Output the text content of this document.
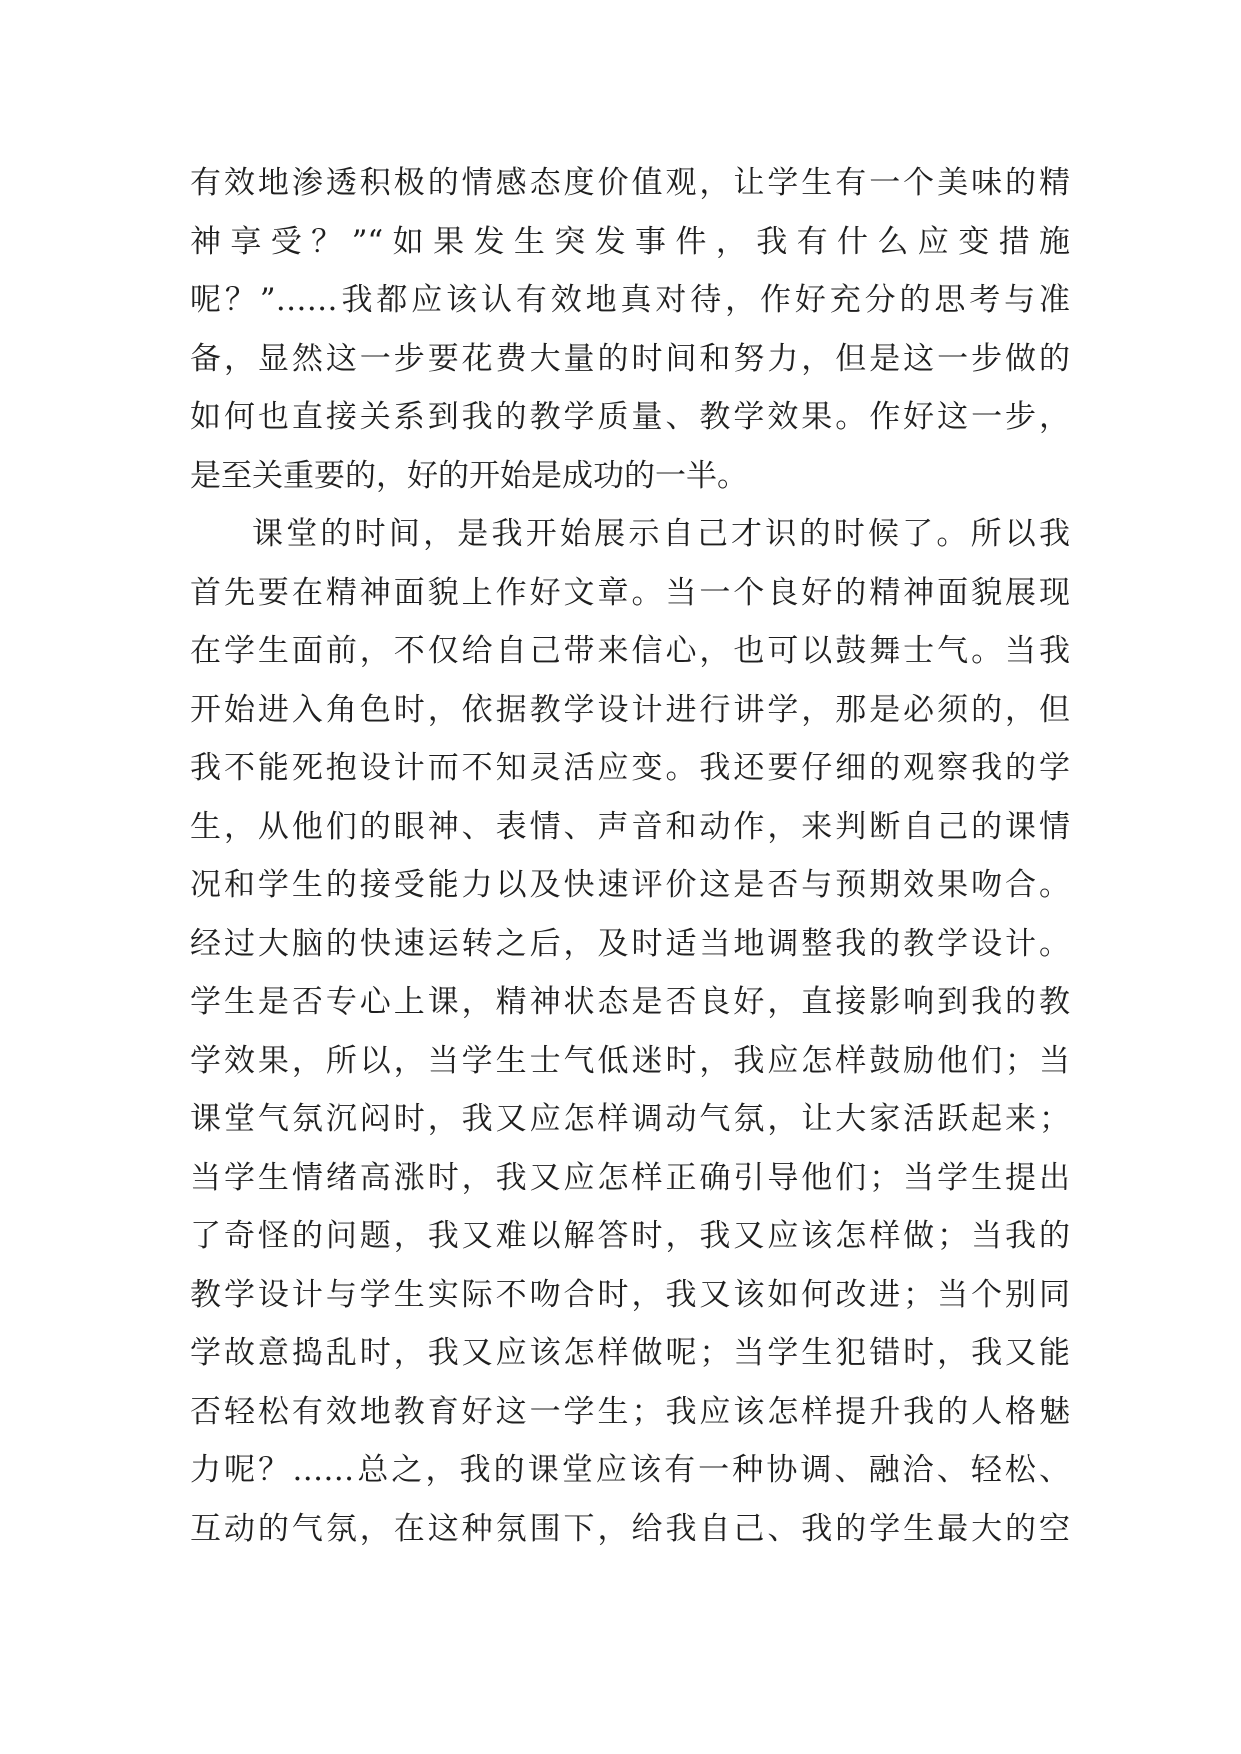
有效地渗透积极的情感态度价值观，让学生有一个美味的精
神享受？”“如果发生突发事件，我有什么应变措施
呢？”……我都应该认有效地真对待，作好充分的思考与准
备，显然这一步要花费大量的时间和努力，但是这一步做的
如何也直接关系到我的教学质量、教学效果。作好这一步，
是至关重要的，好的开始是成功的一半。
课堂的时间，是我开始展示自己才识的时候了。所以我
首先要在精神面貌上作好文章。当一个良好的精神面貌展现
在学生面前，不仅给自己带来信心，也可以鼓舞士气。当我
开始进入角色时，依据教学设计进行讲学，那是必须的，但
我不能死抱设计而不知灵活应变。我还要仔细的观察我的学
生，从他们的眼神、表情、声音和动作，来判断自己的课情
况和学生的接受能力以及快速评价这是否与预期效果吻合。
经过大脑的快速运转之后，及时适当地调整我的教学设计。
学生是否专心上课，精神状态是否良好，直接影响到我的教
学效果，所以，当学生士气低迷时，我应怎样鼓励他们；当
课堂气氛沉闷时，我又应怎样调动气氛，让大家活跃起来；
当学生情绪高涨时，我又应怎样正确引导他们；当学生提出
了奇怪的问题，我又难以解答时，我又应该怎样做；当我的
教学设计与学生实际不吻合时，我又该如何改进；当个别同
学故意捣乱时，我又应该怎样做呢；当学生犯错时，我又能
否轻松有效地教育好这一学生；我应该怎样提升我的人格魅
力呢？……总之，我的课堂应该有一种协调、融洽、轻松、
互动的气氛，在这种氛围下，给我自己、我的学生最大的空
